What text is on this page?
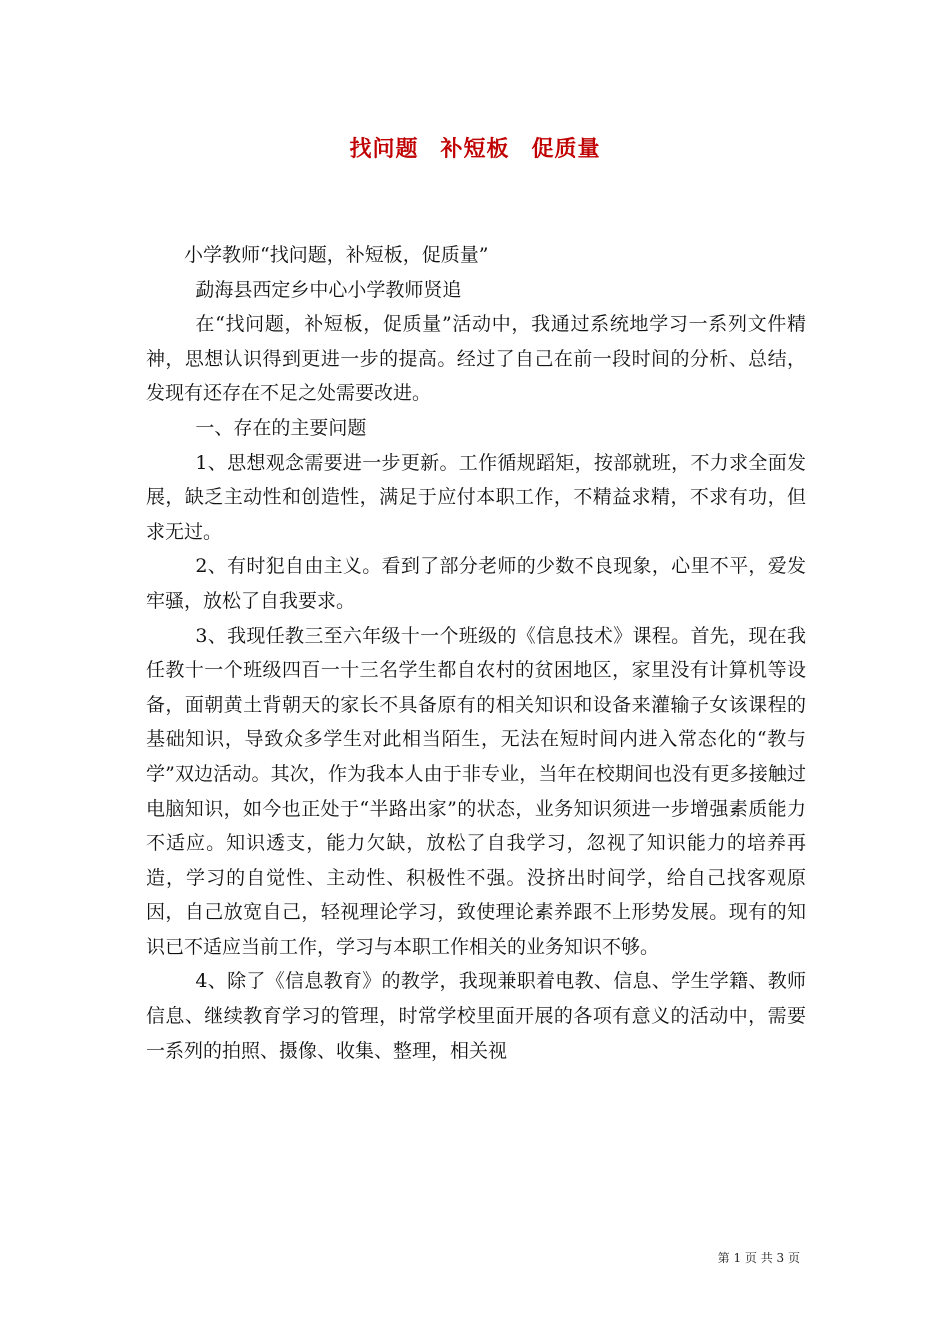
找问题 补短板 促质量

小学教师“找问题，补短板，促质量”

勐海县西定乡中心小学教师贤追

在“找问题，补短板，促质量”活动中，我通过系统地学习一系列文件精神，思想认识得到更进一步的提高。经过了自己在前一段时间的分析、总结，发现有还存在不足之处需要改进。

一、存在的主要问题

1、思想观念需要进一步更新。工作循规蹈矩，按部就班，不力求全面发展，缺乏主动性和创造性，满足于应付本职工作，不精益求精，不求有功，但求无过。

2、有时犯自由主义。看到了部分老师的少数不良现象，心里不平，爱发牢骚，放松了自我要求。

3、我现任教三至六年级十一个班级的《信息技术》课程。首先，现在我任教十一个班级四百一十三名学生都自农村的贫困地区，家里没有计算机等设备，面朝黄土背朝天的家长不具备原有的相关知识和设备来灌输子女该课程的基础知识，导致众多学生对此相当陌生，无法在短时间内进入常态化的“教与学”双边活动。其次，作为我本人由于非专业，当年在校期间也没有更多接触过电脑知识，如今也正处于“半路出家”的状态，业务知识须进一步增强素质能力不适应。知识透支，能力欠缺，放松了自我学习，忽视了知识能力的培养再造，学习的自觉性、主动性、积极性不强。没挤出时间学，给自己找客观原因，自己放宽自己，轻视理论学习，致使理论素养跟不上形势发展。现有的知识已不适应当前工作，学习与本职工作相关的业务知识不够。

4、除了《信息教育》的教学，我现兼职着电教、信息、学生学籍、教师信息、继续教育学习的管理，时常学校里面开展的各项有意义的活动中，需要一系列的拍照、摄像、收集、整理，相关视

第 1 页 共 3 页
